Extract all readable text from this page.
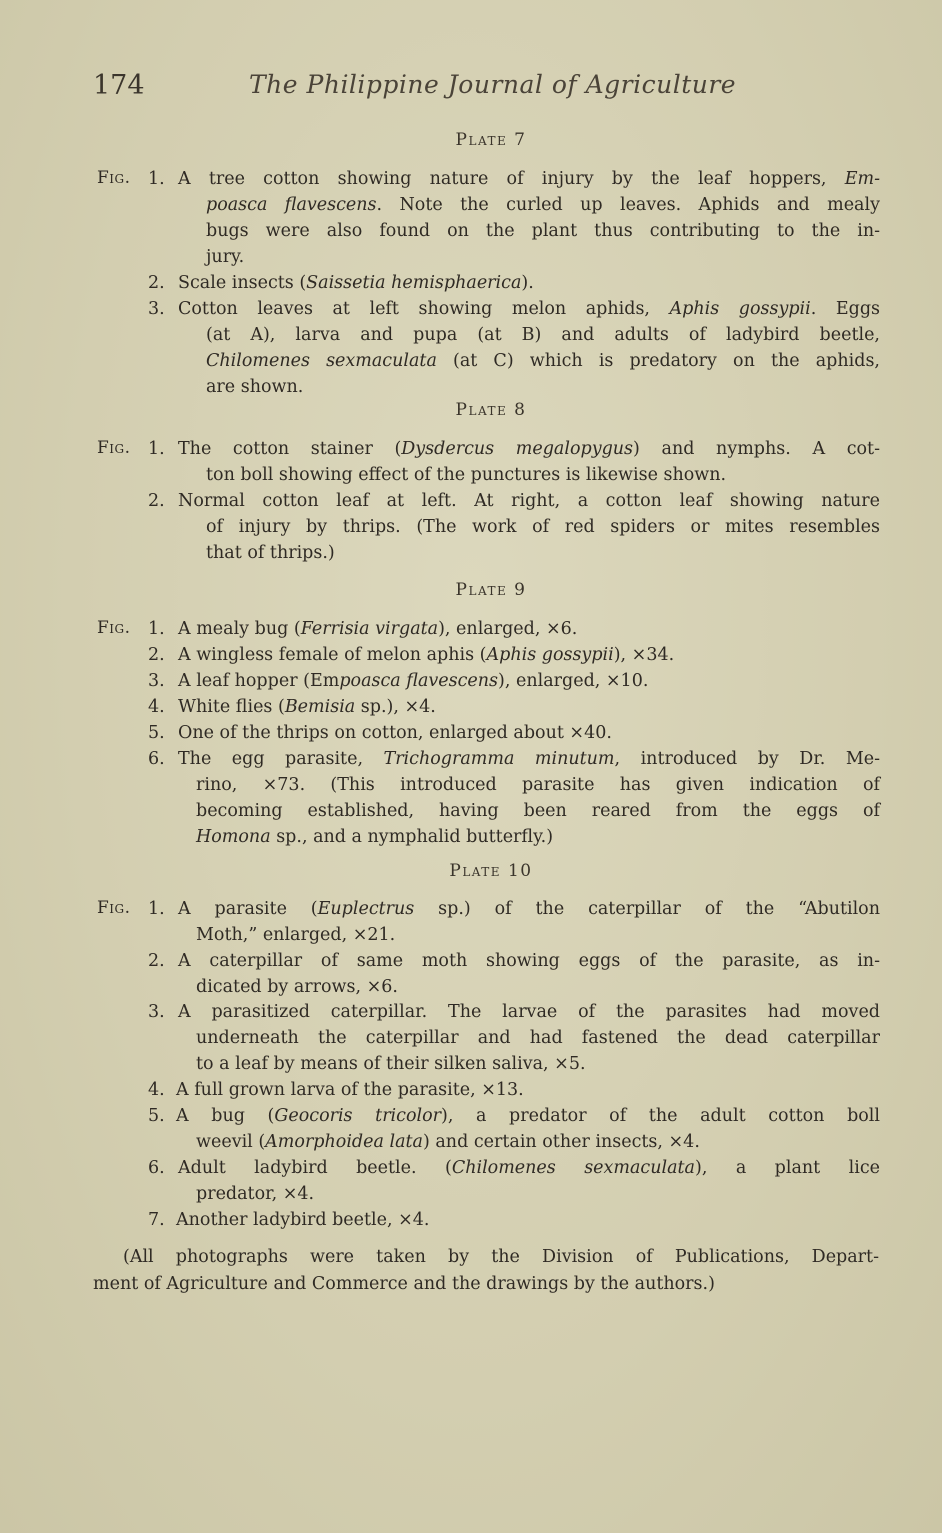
174	The Philippine Journal of Agriculture
Plate 7
Fig. 1. A tree cotton showing nature of injury by the leaf hoppers, Em-
poasca flavescens. Note the curled up leaves. Aphids and mealy
bugs were also found on the plant thus contributing to the in-
jury.
2. Scale insects (Saissetia hemisphaerica).
3. Cotton leaves at left showing melon aphids, Aphis gossypii. Eggs
(at A), larva and pupa (at B) and adults of ladybird beetle,
Chilomenes sexmaculata (at C) which is predatory on the aphids,
are shown.
Plate 8
Fig. 1. The cotton stainer (Dysdercus megalopygus) and nymphs. A cot-
ton boll showing effect of the punctures is likewise shown.
2. Normal cotton leaf at left. At right, a cotton leaf showing nature
of injury by thrips. (The work of red spiders or mites resembles
that of thrips.)
Plate 9
Fig. 1. A mealy bug (Ferrisia virgata), enlarged, ×6.
2. A wingless female of melon aphis (Aphis gossypii), ×34.
3. A leaf hopper (Empoasca flavescens), enlarged, ×10.
4. White flies (Bemisia sp.), ×4.
5. One of the thrips on cotton, enlarged about ×40.
6. The egg parasite, Trichogramma minutum, introduced by Dr. Me-
rino, ×73. (This introduced parasite has given indication of
becoming established, having been reared from the eggs of
Homona sp., and a nymphalid butterfly.)
Plate 10
Fig. 1. A parasite (Euplectrus sp.) of the caterpillar of the “Abutilon
Moth,” enlarged, ×21.
2. A caterpillar of same moth showing eggs of the parasite, as in-
dicated by arrows, ×6.
3. A parasitized caterpillar. The larvae of the parasites had moved
underneath the caterpillar and had fastened the dead caterpillar
to a leaf by means of their silken saliva, ×5.
4. A full grown larva of the parasite, ×13.
5. A bug (Geocoris tricolor), a predator of the adult cotton boll
weevil (Amorphoidea lata) and certain other insects, ×4.
6. Adult ladybird beetle. (Chilomenes sexmaculata), a plant lice
predator, ×4.
7. Another ladybird beetle, ×4.
(All photographs were taken by the Division of Publications, Depart-
ment of Agriculture and Commerce and the drawings by the authors.)
